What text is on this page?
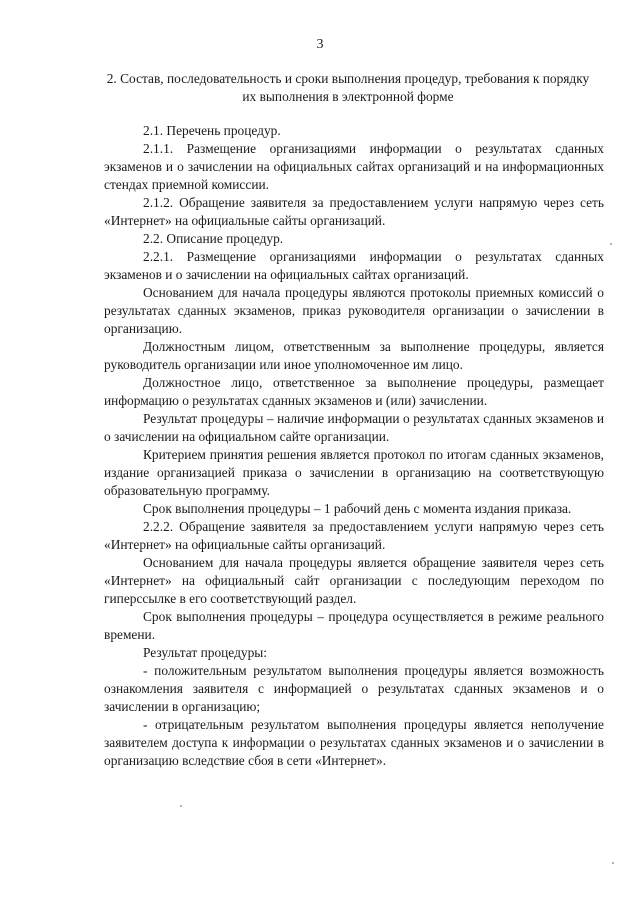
3
2. Состав, последовательность и сроки выполнения процедур, требования к порядку их выполнения в электронной форме

2.1. Перечень процедур.

2.1.1. Размещение организациями информации о результатах сданных экзаменов и о зачислении на официальных сайтах организаций и на информационных стендах приемной комиссии.

2.1.2. Обращение заявителя за предоставлением услуги напрямую через сеть «Интернет» на официальные сайты организаций.

2.2. Описание процедур.

2.2.1. Размещение организациями информации о результатах сданных экзаменов и о зачислении на официальных сайтах организаций.

Основанием для начала процедуры являются протоколы приемных комиссий о результатах сданных экзаменов, приказ руководителя организации о зачислении в организацию.

Должностным лицом, ответственным за выполнение процедуры, является руководитель организации или иное уполномоченное им лицо.

Должностное лицо, ответственное за выполнение процедуры, размещает информацию о результатах сданных экзаменов и (или) зачислении.

Результат процедуры – наличие информации о результатах сданных экзаменов и о зачислении на официальном сайте организации.

Критерием принятия решения является протокол по итогам сданных экзаменов, издание организацией приказа о зачислении в организацию на соответствующую образовательную программу.

Срок выполнения процедуры – 1 рабочий день с момента издания приказа.

2.2.2. Обращение заявителя за предоставлением услуги напрямую через сеть «Интернет» на официальные сайты организаций.

Основанием для начала процедуры является обращение заявителя через сеть «Интернет» на официальный сайт организации с последующим переходом по гиперссылке в его соответствующий раздел.

Срок выполнения процедуры – процедура осуществляется в режиме реального времени.

Результат процедуры:

- положительным результатом выполнения процедуры является возможность ознакомления заявителя с информацией о результатах сданных экзаменов и о зачислении в организацию;

- отрицательным результатом выполнения процедуры является неполучение заявителем доступа к информации о результатах сданных экзаменов и о зачислении в организацию вследствие сбоя в сети «Интернет».
